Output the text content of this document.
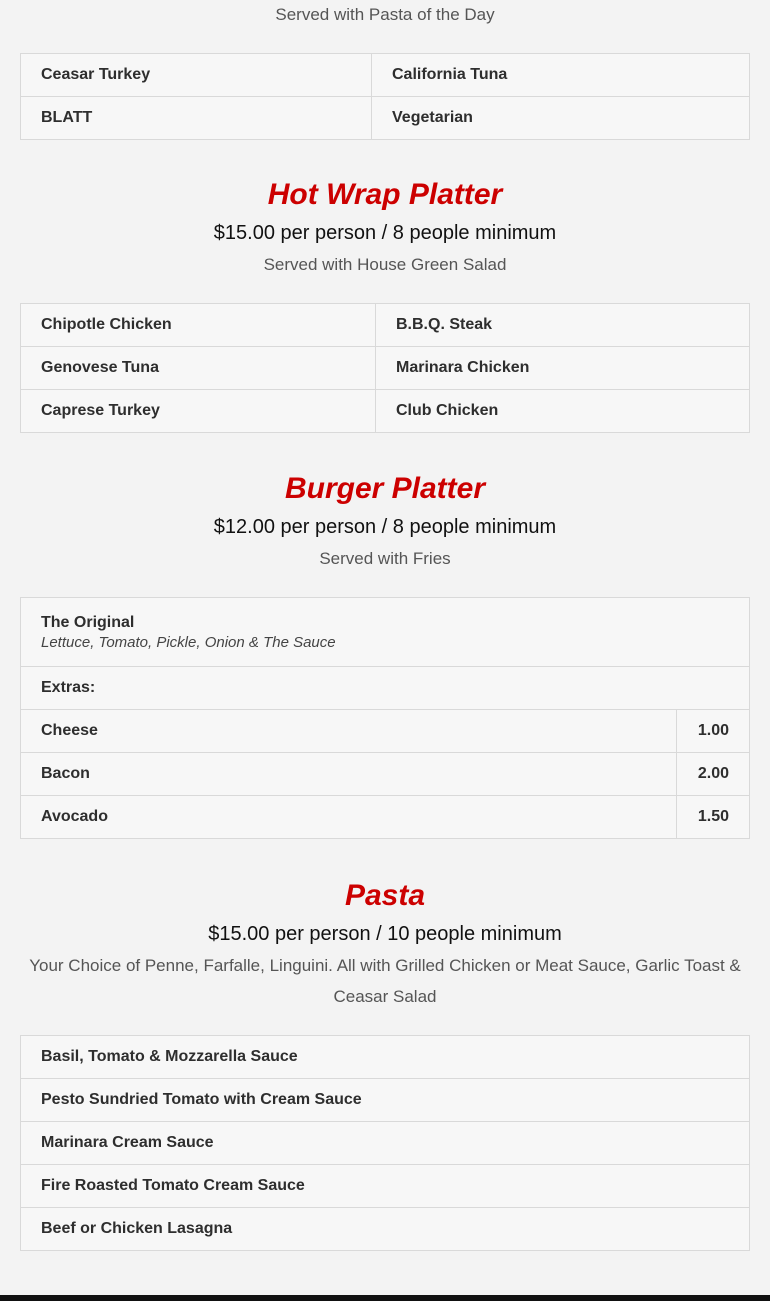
Served with Pasta of the Day
Ceasar Turkey	California Tuna
BLATT	Vegetarian
Hot Wrap Platter
$15.00 per person / 8 people minimum
Served with House Green Salad
Chipotle Chicken	B.B.Q. Steak
Genovese Tuna	Marinara Chicken
Caprese Turkey	Club Chicken
Burger Platter
$12.00 per person / 8 people minimum
Served with Fries
The Original
Lettuce, Tomato, Pickle, Onion & The Sauce	

Extras:	
Cheese	1.00
Bacon	2.00
Avocado	1.50
Pasta
$15.00 per person / 10 people minimum
Your Choice of Penne, Farfalle, Linguini. All with Grilled Chicken or Meat Sauce, Garlic Toast & Ceasar Salad
Basil, Tomato & Mozzarella Sauce
Pesto Sundried Tomato with Cream Sauce
Marinara Cream Sauce
Fire Roasted Tomato Cream Sauce
Beef or Chicken Lasagna
